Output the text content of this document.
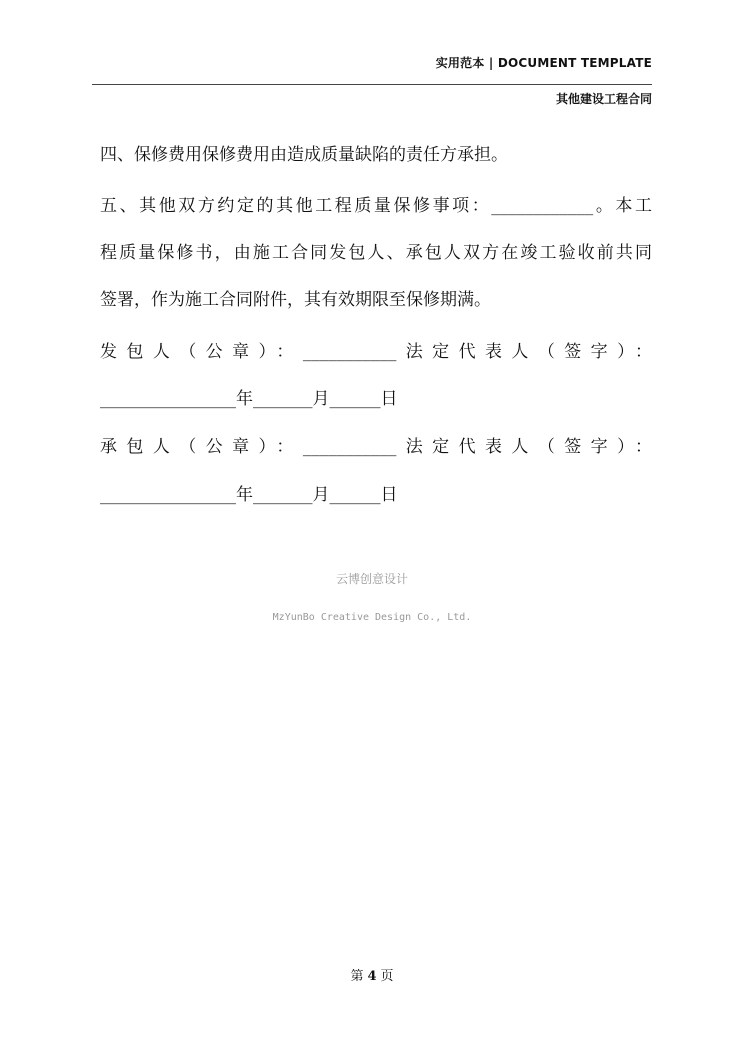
实用范本 | DOCUMENT TEMPLATE
其他建设工程合同
四、保修费用保修费用由造成质量缺陷的责任方承担。
五、其他双方约定的其他工程质量保修事项：____________。本工
程质量保修书，由施工合同发包人、承包人双方在竣工验收前共同
签署，作为施工合同附件，其有效期限至保修期满。
发包人（公章）：___________法定代表人（签字）：
________________年_______月______日
承包人（公章）：___________法定代表人（签字）：
________________年_______月______日
云博创意设计
MzYunBo Creative Design Co., Ltd.
第 4 页
